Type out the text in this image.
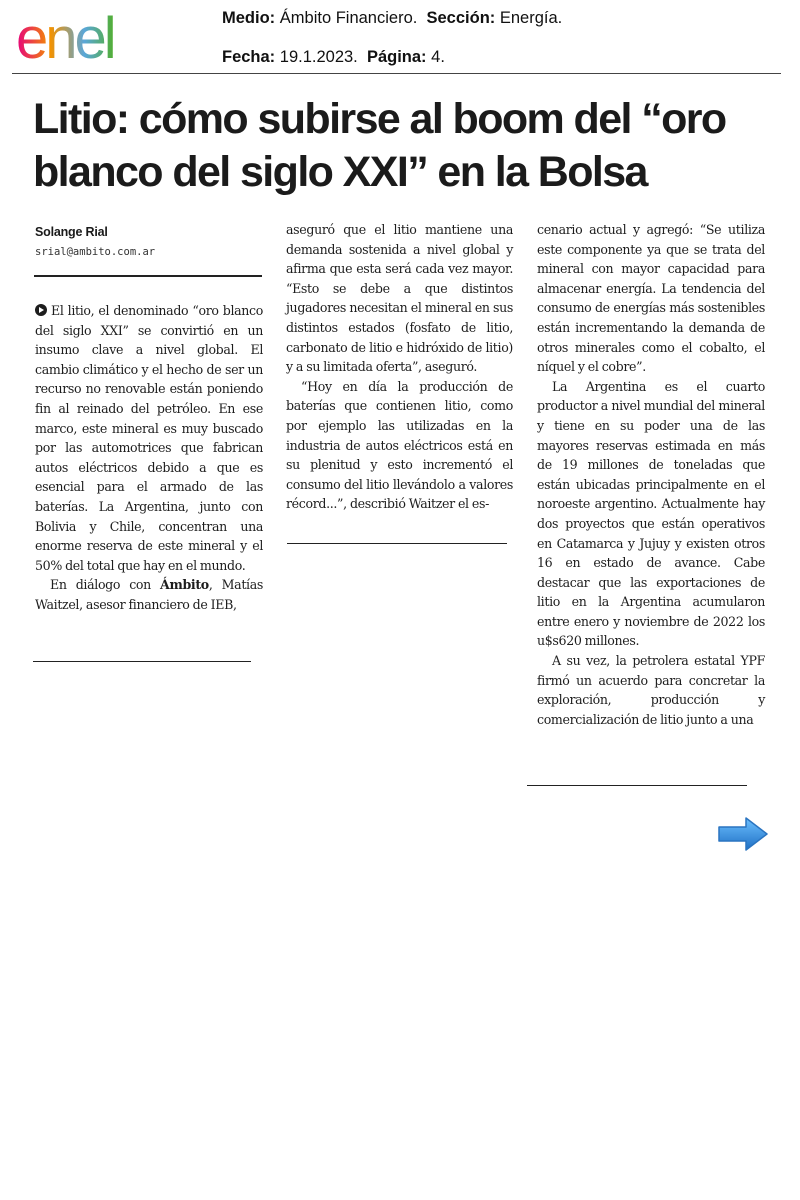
enel	Medio: Ámbito Financiero. Sección: Energía.
Fecha: 19.1.2023. Página: 4.
Litio: cómo subirse al boom del “oro blanco del siglo XXI” en la Bolsa
Solange Rial
srial@ambito.com.ar

El litio, el denominado “oro blanco del siglo XXI” se convirtió en un insumo clave a nivel global. El cambio climático y el hecho de ser un recurso no renovable están poniendo fin al reinado del petróleo. En ese marco, este mineral es muy buscado por las automotrices que fabrican autos eléctricos debido a que es esencial para el armado de las baterías. La Argentina, junto con Bolivia y Chile, concentran una enorme reserva de este mineral y el 50% del total que hay en el mundo.

En diálogo con Ámbito, Matías Waitzel, asesor financiero de IEB,

aseguró que el litio mantiene una demanda sostenida a nivel global y afirma que esta será cada vez mayor. “Esto se debe a que distintos jugadores necesitan el mineral en sus distintos estados (fosfato de litio, carbonato de litio e hidróxido de litio) y a su limitada oferta”, aseguró.

“Hoy en día la producción de baterías que contienen litio, como por ejemplo las utilizadas en la industria de autos eléctricos está en su plenitud y esto incrementó el consumo del litio llevándolo a valores récord...”, describió Waitzer el es-

cenario actual y agregó: “Se utiliza este componente ya que se trata del mineral con mayor capacidad para almacenar energía. La tendencia del consumo de energías más sostenibles están incrementando la demanda de otros minerales como el cobalto, el níquel y el cobre”.

La Argentina es el cuarto productor a nivel mundial del mineral y tiene en su poder una de las mayores reservas estimada en más de 19 millones de toneladas que están ubicadas principalmente en el noroeste argentino. Actualmente hay dos proyectos que están operativos en Catamarca y Jujuy y existen otros 16 en estado de avance. Cabe destacar que las exportaciones de litio en la Argentina acumularon entre enero y noviembre de 2022 los u$s620 millones.

A su vez, la petrolera estatal YPF firmó un acuerdo para concretar la exploración, producción y comercialización de litio junto a una
